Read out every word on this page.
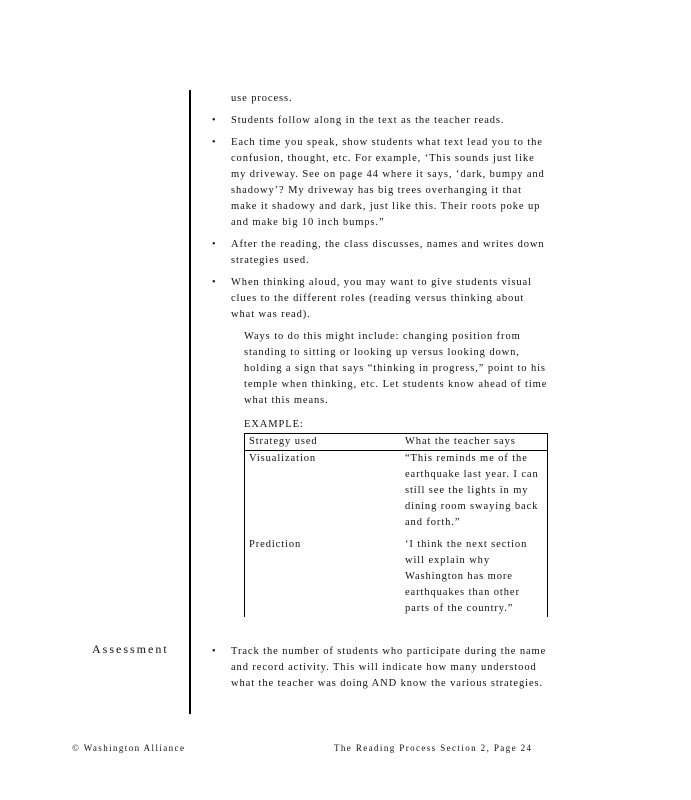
use process.
• Students follow along in the text as the teacher reads.
• Each time you speak, show students what text lead you to the confusion, thought, etc. For example, ‘This sounds just like my driveway. See on page 44 where it says, ‘dark, bumpy and shadowy’? My driveway has big trees overhanging it that make it shadowy and dark, just like this. Their roots poke up and make big 10 inch bumps.”
• After the reading, the class discusses, names and writes down strategies used.
• When thinking aloud, you may want to give students visual clues to the different roles (reading versus thinking about what was read).
Ways to do this might include: changing position from standing to sitting or looking up versus looking down, holding a sign that says “thinking in progress,” point to his temple when thinking, etc. Let students know ahead of time what this means.
EXAMPLE:
Strategy used	What the teacher says
Visualization	“This reminds me of the earthquake last year. I can still see the lights in my dining room swaying back and forth.”
Prediction	‘I think the next section will explain why Washington has more earthquakes than other parts of the country.”
Assessment	• Track the number of students who participate during the name and record activity. This will indicate how many understood what the teacher was doing AND know the various strategies.
© Washington Alliance	The Reading Process Section 2, Page 24
